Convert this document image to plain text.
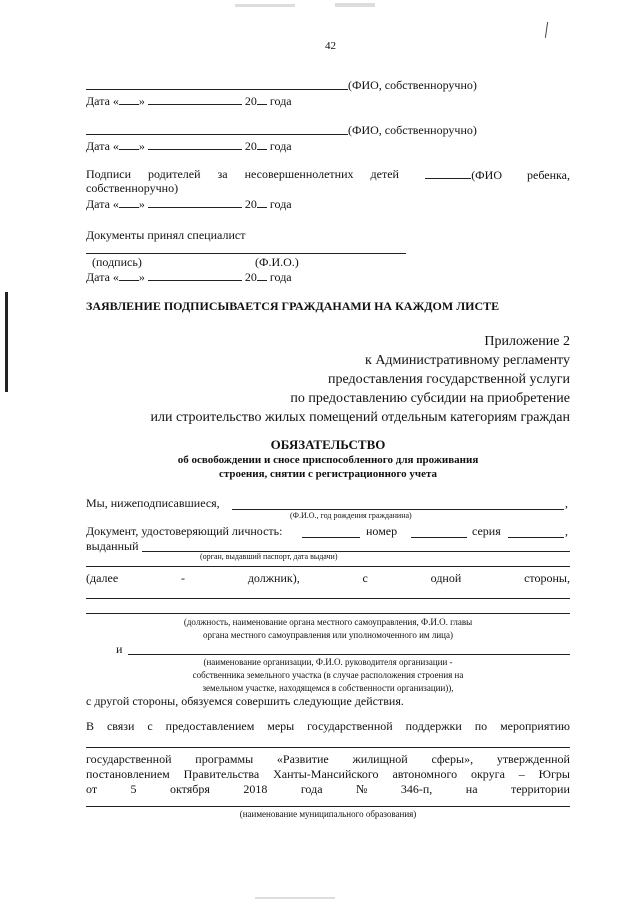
42
(ФИО, собственноручно)
Дата « »	20 года
(ФИО, собственноручно)
Дата « »	20 года
Подписи родителей за несовершеннолетних детей	(ФИО ребенка,
собственноручно)
Дата « »	20 года
Документы принял специалист
(подпись)	(Ф.И.О.)
Дата « »	20 года
ЗАЯВЛЕНИЕ ПОДПИСЫВАЕТСЯ ГРАЖДАНАМИ НА КАЖДОМ ЛИСТЕ
Приложение 2
к Административному регламенту
предоставления государственной услуги
по предоставлению субсидии на приобретение
или строительство жилых помещений отдельным категориям граждан
ОБЯЗАТЕЛЬСТВО
об освобождении и сносе приспособленного для проживания
строения, снятии с регистрационного учета
Мы, нижеподписавшиеся,	,
(Ф.И.О., год рождения гражданина)
Документ, удостоверяющий личность:	номер	серия	,
выданный
(орган, выдавший паспорт, дата выдачи)
(далее	-	должник),	с	одной	стороны,
(должность, наименование органа местного самоуправления, Ф.И.О. главы
органа местного самоуправления или уполномоченного им лица)
и
(наименование организации, Ф.И.О. руководителя организации -
собственника земельного участка (в случае расположения строения на
земельном участке, находящемся в собственности организации)),
с другой стороны, обязуемся совершить следующие действия.
В связи с предоставлением меры государственной поддержки по мероприятию
государственной программы «Развитие жилищной сферы», утвержденной
постановлением Правительства Ханты-Мансийского автономного округа – Югры
от	5	октября	2018	года	№	346-п,	на	территории
(наименование муниципального образования)
